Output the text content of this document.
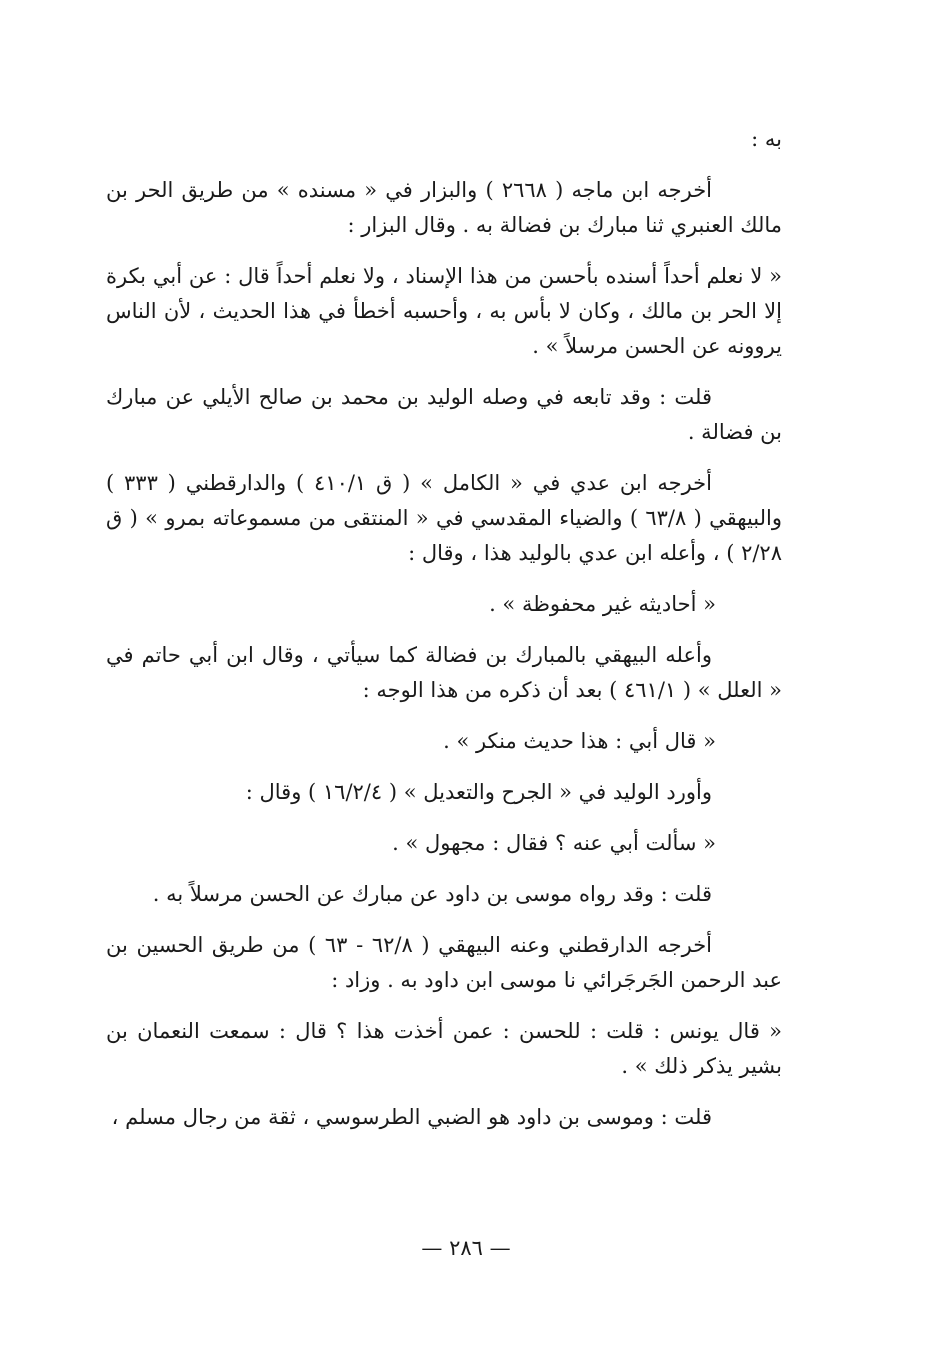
به :

أخرجه ابن ماجه ( ٢٦٦٨ ) والبزار في « مسنده » من طريق الحر بن مالك العنبري ثنا مبارك بن فضالة به . وقال البزار :

« لا نعلم أحداً أسنده بأحسن من هذا الإسناد ، ولا نعلم أحداً قال : عن أبي بكرة إلا الحر بن مالك ، وكان لا بأس به ، وأحسبه أخطأ في هذا الحديث ، لأن الناس يروونه عن الحسن مرسلاً » .

قلت : وقد تابعه في وصله الوليد بن محمد بن صالح الأيلي عن مبارك بن فضالة .

أخرجه ابن عدي في « الكامل » ( ق ٤١٠/١ ) والدارقطني ( ٣٣٣ ) والبيهقي ( ٦٣/٨ ) والضياء المقدسي في « المنتقى من مسموعاته بمرو » ( ق ٢/٢٨ ) ، وأعله ابن عدي بالوليد هذا ، وقال :

« أحاديثه غير محفوظة » .

وأعله البيهقي بالمبارك بن فضالة كما سيأتي ، وقال ابن أبي حاتم في « العلل » ( ٤٦١/١ ) بعد أن ذكره من هذا الوجه :

« قال أبي : هذا حديث منكر » .

وأورد الوليد في « الجرح والتعديل » ( ١٦/٢/٤ ) وقال :

« سألت أبي عنه ؟ فقال : مجهول » .

قلت : وقد رواه موسى بن داود عن مبارك عن الحسن مرسلاً به .

أخرجه الدارقطني وعنه البيهقي ( ٦٢/٨ - ٦٣ ) من طريق الحسين بن عبد الرحمن الجَرجَرائي نا موسى ابن داود به . وزاد :

« قال يونس : قلت : للحسن : عمن أخذت هذا ؟ قال : سمعت النعمان بن بشير يذكر ذلك » .

قلت : وموسى بن داود هو الضبي الطرسوسي ، ثقة من رجال مسلم ،

— ٢٨٦ —
